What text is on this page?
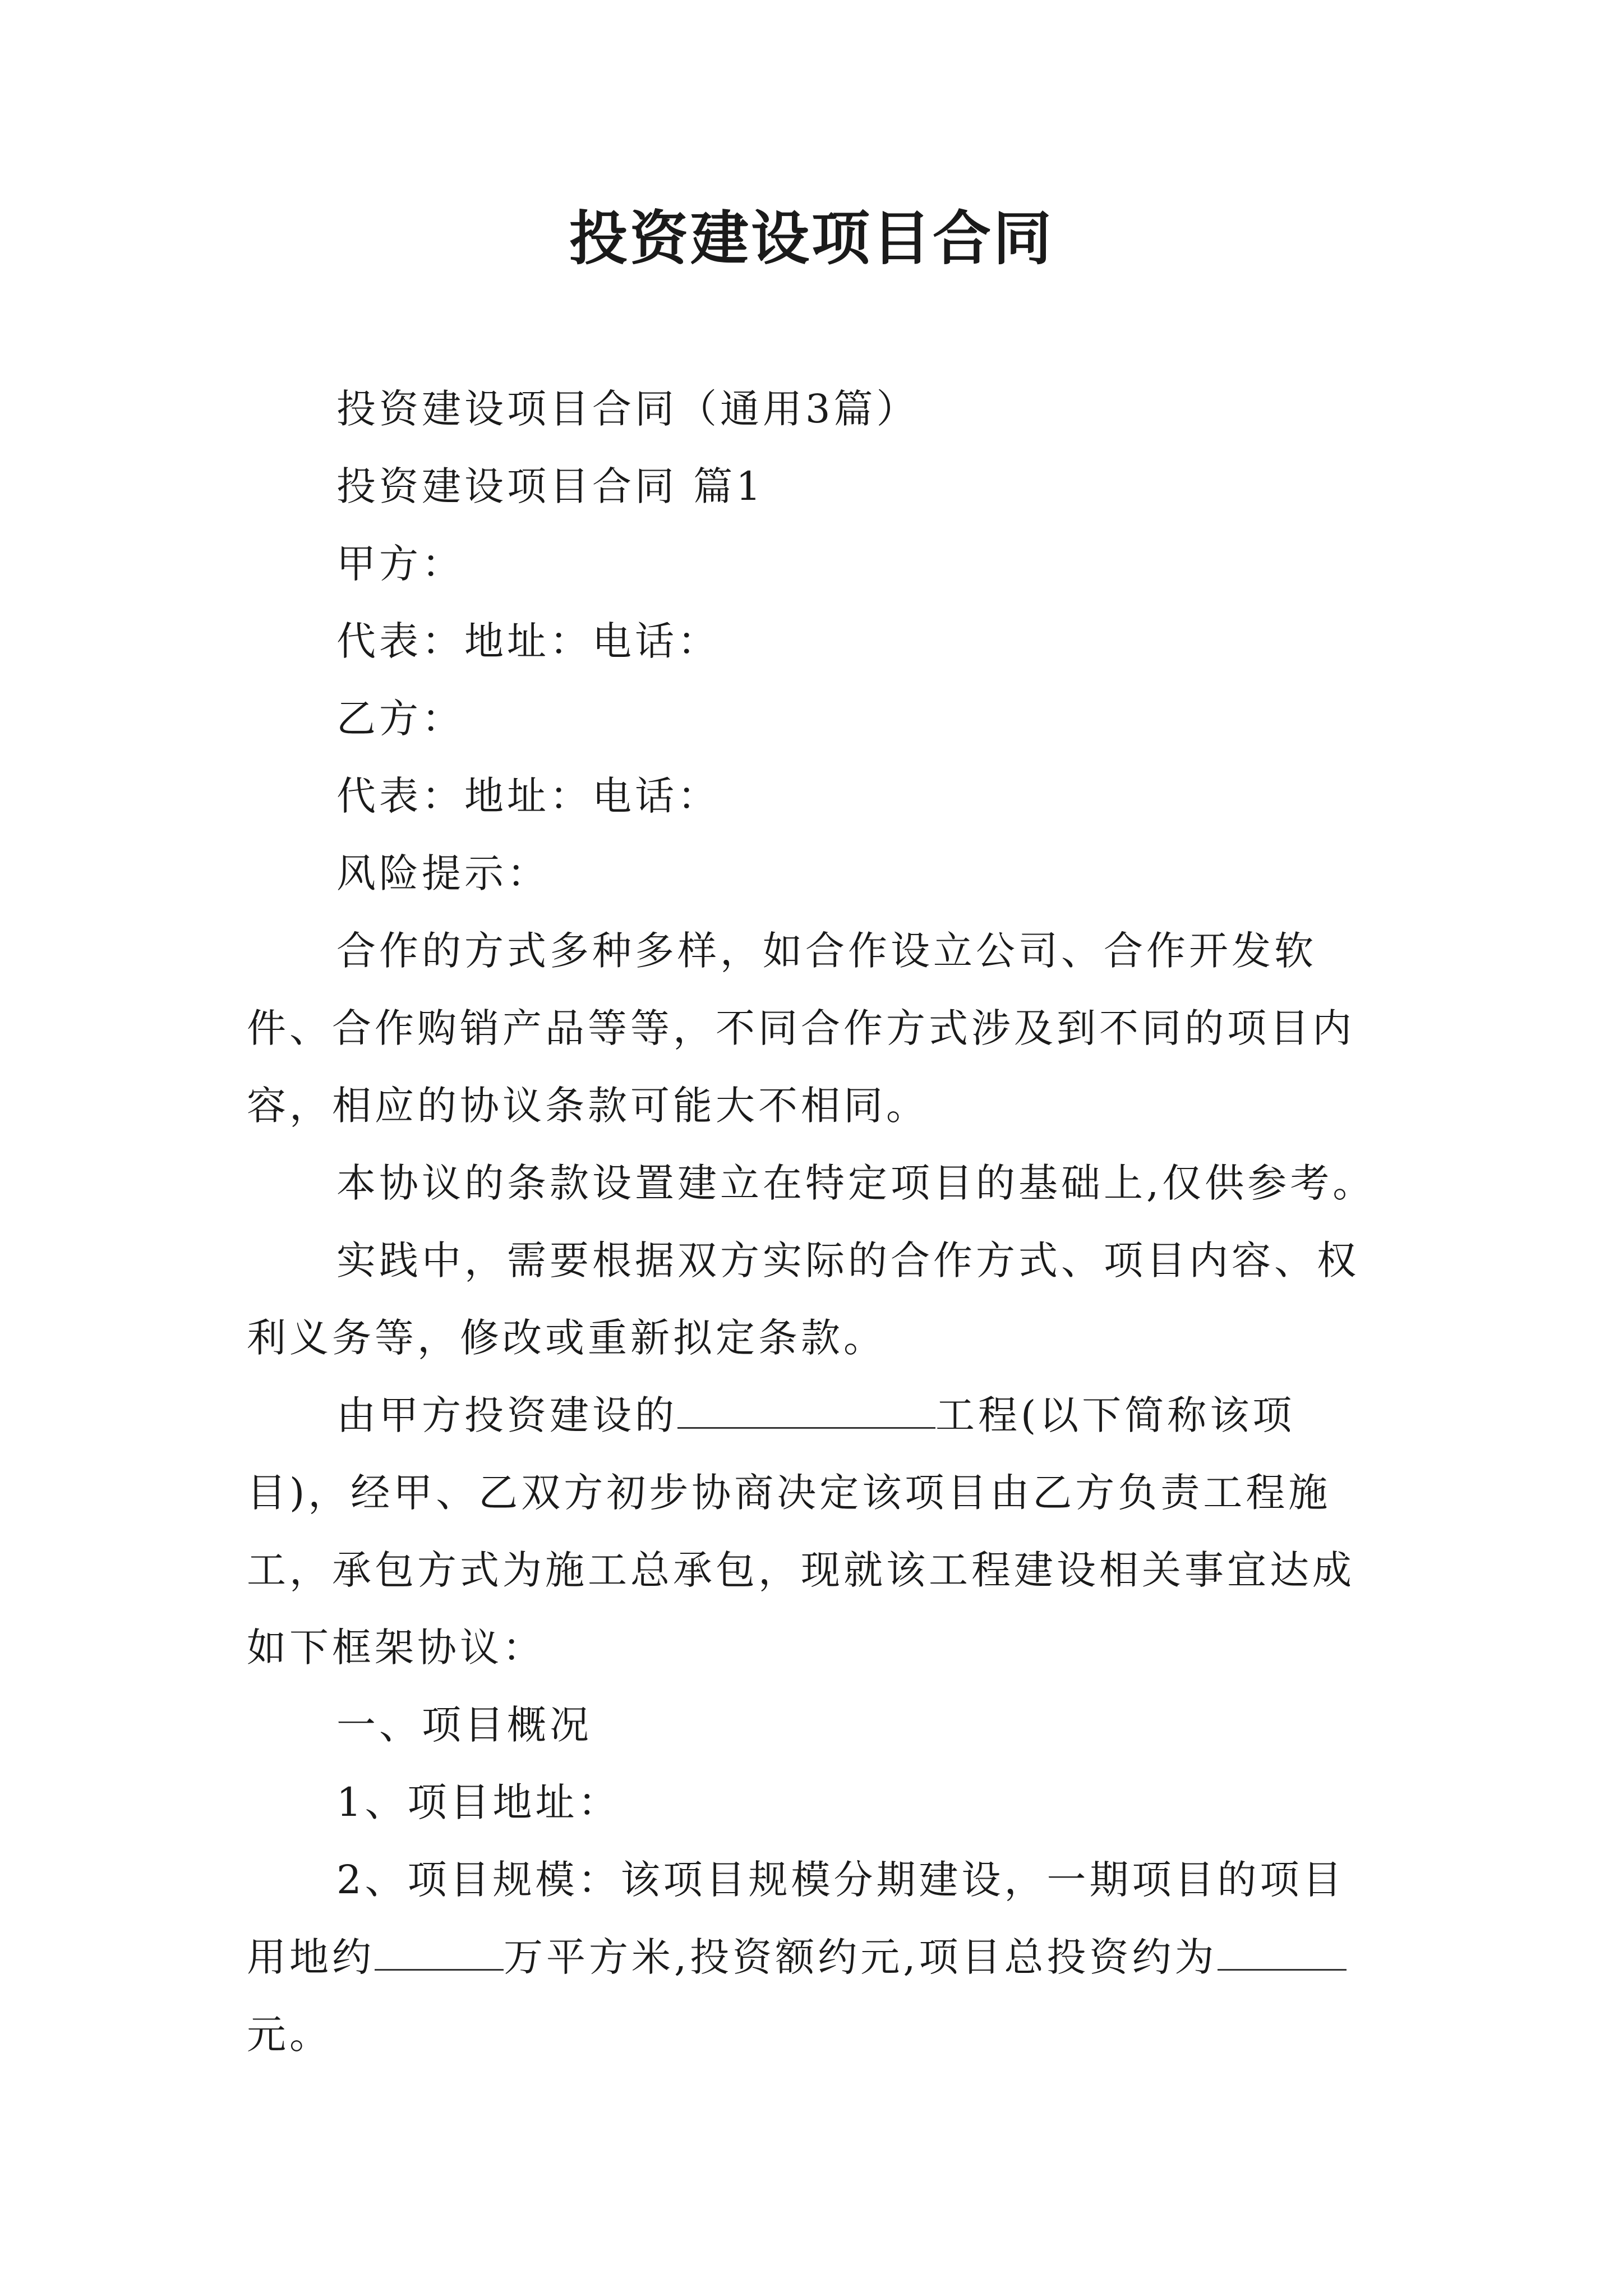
投资建设项目合同

投资建设项目合同（通用3篇）

投资建设项目合同 篇1

甲方：

代表：地址：电话：

乙方：

代表：地址：电话：

风险提示：

合作的方式多种多样，如合作设立公司、合作开发软件、合作购销产品等等，不同合作方式涉及到不同的项目内容，相应的协议条款可能大不相同。

本协议的条款设置建立在特定项目的基础上,仅供参考。

实践中，需要根据双方实际的合作方式、项目内容、权利义务等，修改或重新拟定条款。

由甲方投资建设的	工程(以下简称该项目)，经甲、乙双方初步协商决定该项目由乙方负责工程施工，承包方式为施工总承包，现就该工程建设相关事宜达成如下框架协议：

一、项目概况

1、项目地址：

2、项目规模：该项目规模分期建设，一期项目的项目用地约	万平方米,投资额约元,项目总投资约为元。
